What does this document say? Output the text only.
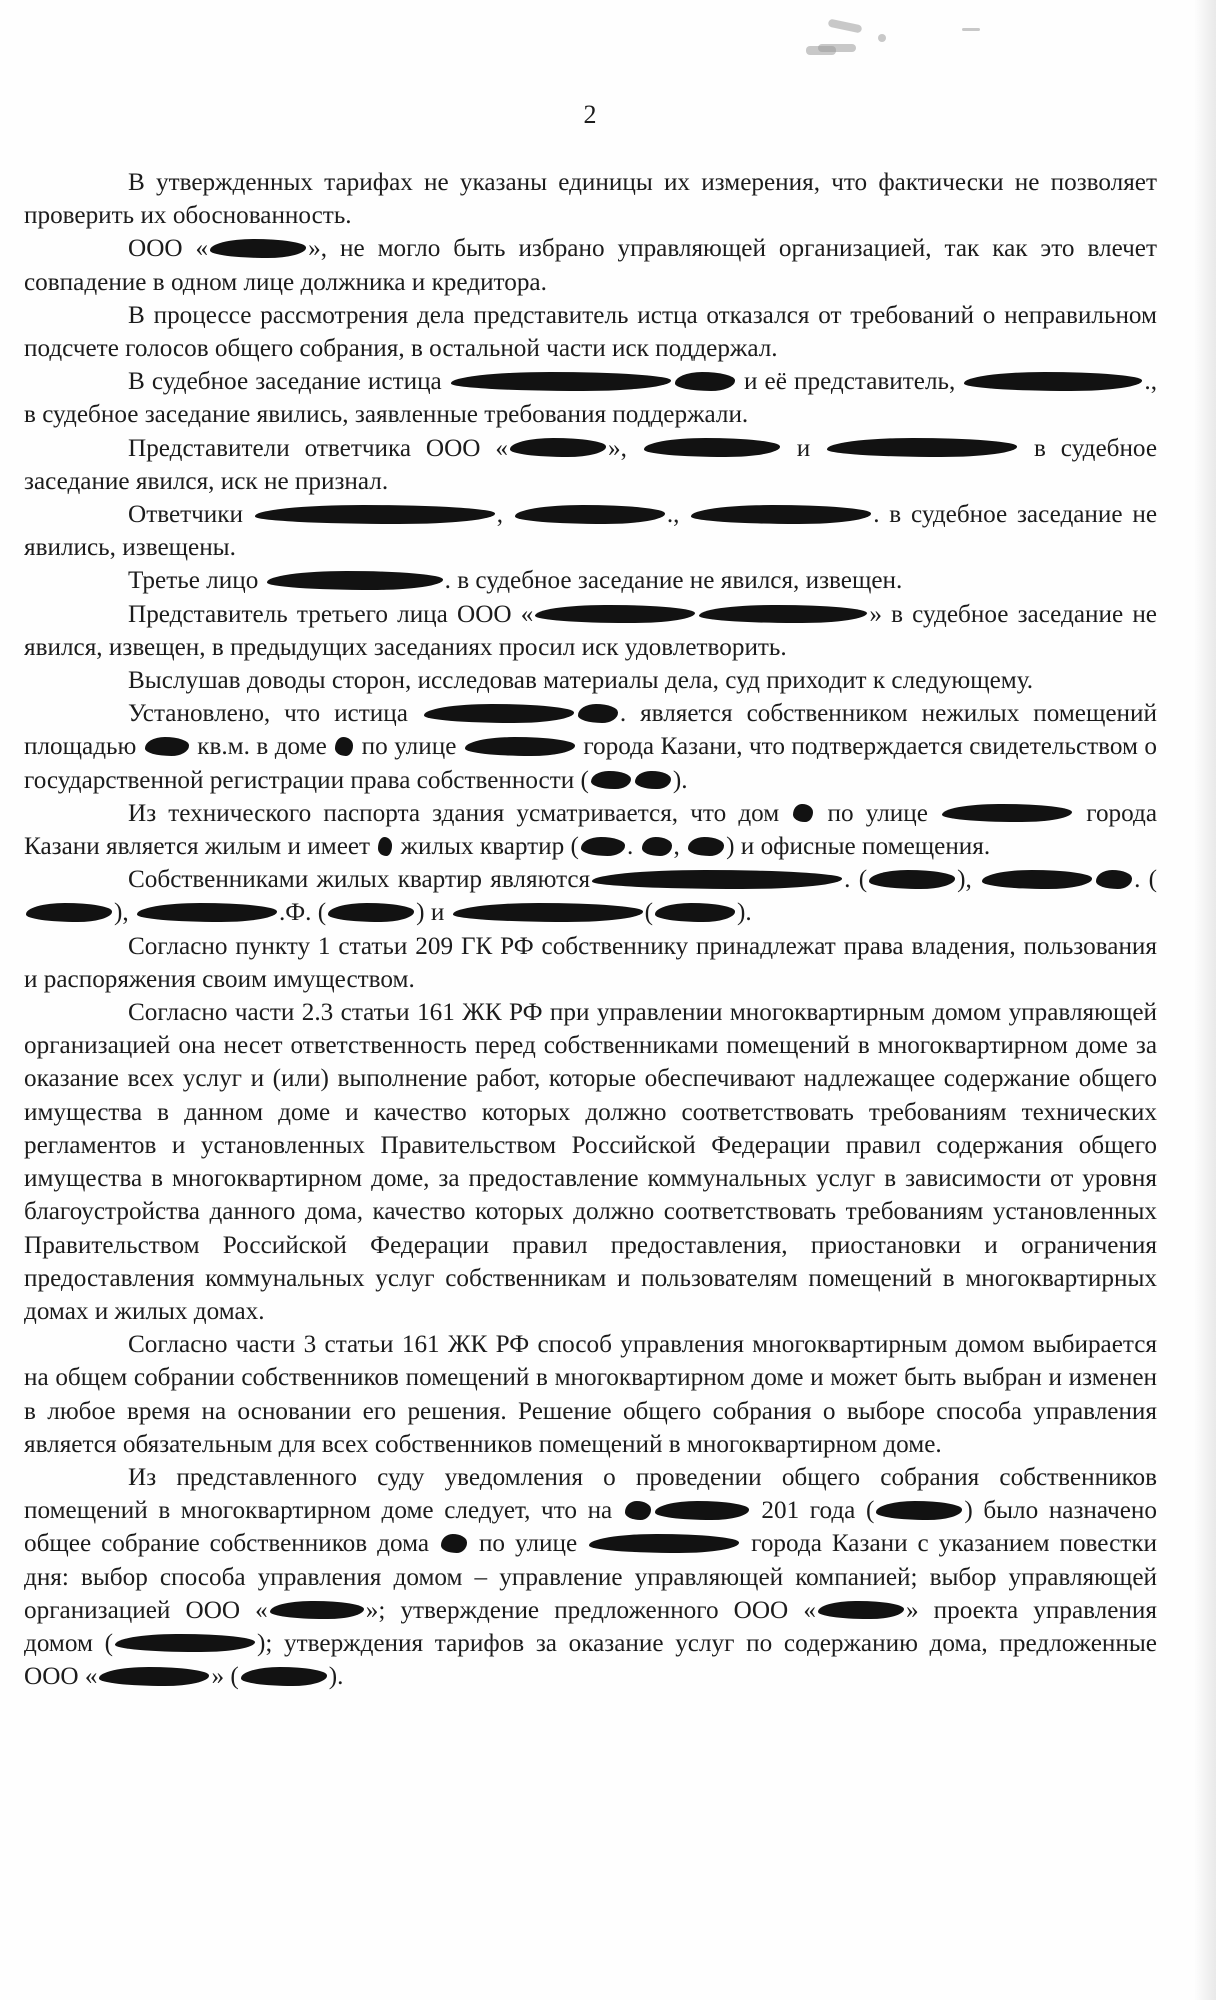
2

В утвержденных тарифах не указаны единицы их измерения, что фактически не позволяет проверить их обоснованность.

ООО «	», не могло быть избрано управляющей организацией, так как это влечет совпадение в одном лице должника и кредитора.

В процессе рассмотрения дела представитель истца отказался от требований о неправильном подсчете голосов общего собрания, в остальной части иск поддержал.

В судебное заседание истица	и её представитель,	., в судебное заседание явились, заявленные требования поддержали.

Представители ответчика ООО «	»,	и	в судебное заседание явился, иск не признал.

Ответчики	,	.,	. в судебное заседание не явились, извещены.

Третье лицо	. в судебное заседание не явился, извещен.

Представитель третьего лица ООО «	» в судебное заседание не явился, извещен, в предыдущих заседаниях просил иск удовлетворить.

Выслушав доводы сторон, исследовав материалы дела, суд приходит к следующему.

Установлено, что истица	. является собственником нежилых помещений площадью кв.м. в доме по улице	города Казани, что подтверждается свидетельством о государственной регистрации права собственности (	).

Из технического паспорта здания усматривается, что дом по улице	города Казани является жилым и имеет жилых квартир ( . , ) и офисные помещения.

Собственниками жилых квартир являются	. (	),	. (),	.Ф. (	) и	(	).

Согласно пункту 1 статьи 209 ГК РФ собственнику принадлежат права владения, пользования и распоряжения своим имуществом.

Согласно части 2.3 статьи 161 ЖК РФ при управлении многоквартирным домом управляющей организацией она несет ответственность перед собственниками помещений в многоквартирном доме за оказание всех услуг и (или) выполнение работ, которые обеспечивают надлежащее содержание общего имущества в данном доме и качество которых должно соответствовать требованиям технических регламентов и установленных Правительством Российской Федерации правил содержания общего имущества в многоквартирном доме, за предоставление коммунальных услуг в зависимости от уровня благоустройства данного дома, качество которых должно соответствовать требованиям установленных Правительством Российской Федерации правил предоставления, приостановки и ограничения предоставления коммунальных услуг собственникам и пользователям помещений в многоквартирных домах и жилых домах.

Согласно части 3 статьи 161 ЖК РФ способ управления многоквартирным домом выбирается на общем собрании собственников помещений в многоквартирном доме и может быть выбран и изменен в любое время на основании его решения. Решение общего собрания о выборе способа управления является обязательным для всех собственников помещений в многоквартирном доме.

Из представленного суду уведомления о проведении общего собрания собственников помещений в многоквартирном доме следует, что на	201 года (	) было назначено общее собрание собственников дома по улице	города Казани с указанием повестки дня: выбор способа управления домом – управление управляющей компанией; выбор управляющей организацией ООО «	»; утверждение предложенного ООО «	» проекта управления домом (	); утверждения тарифов за оказание услуг по содержанию дома, предложенные ООО «	» (	).
